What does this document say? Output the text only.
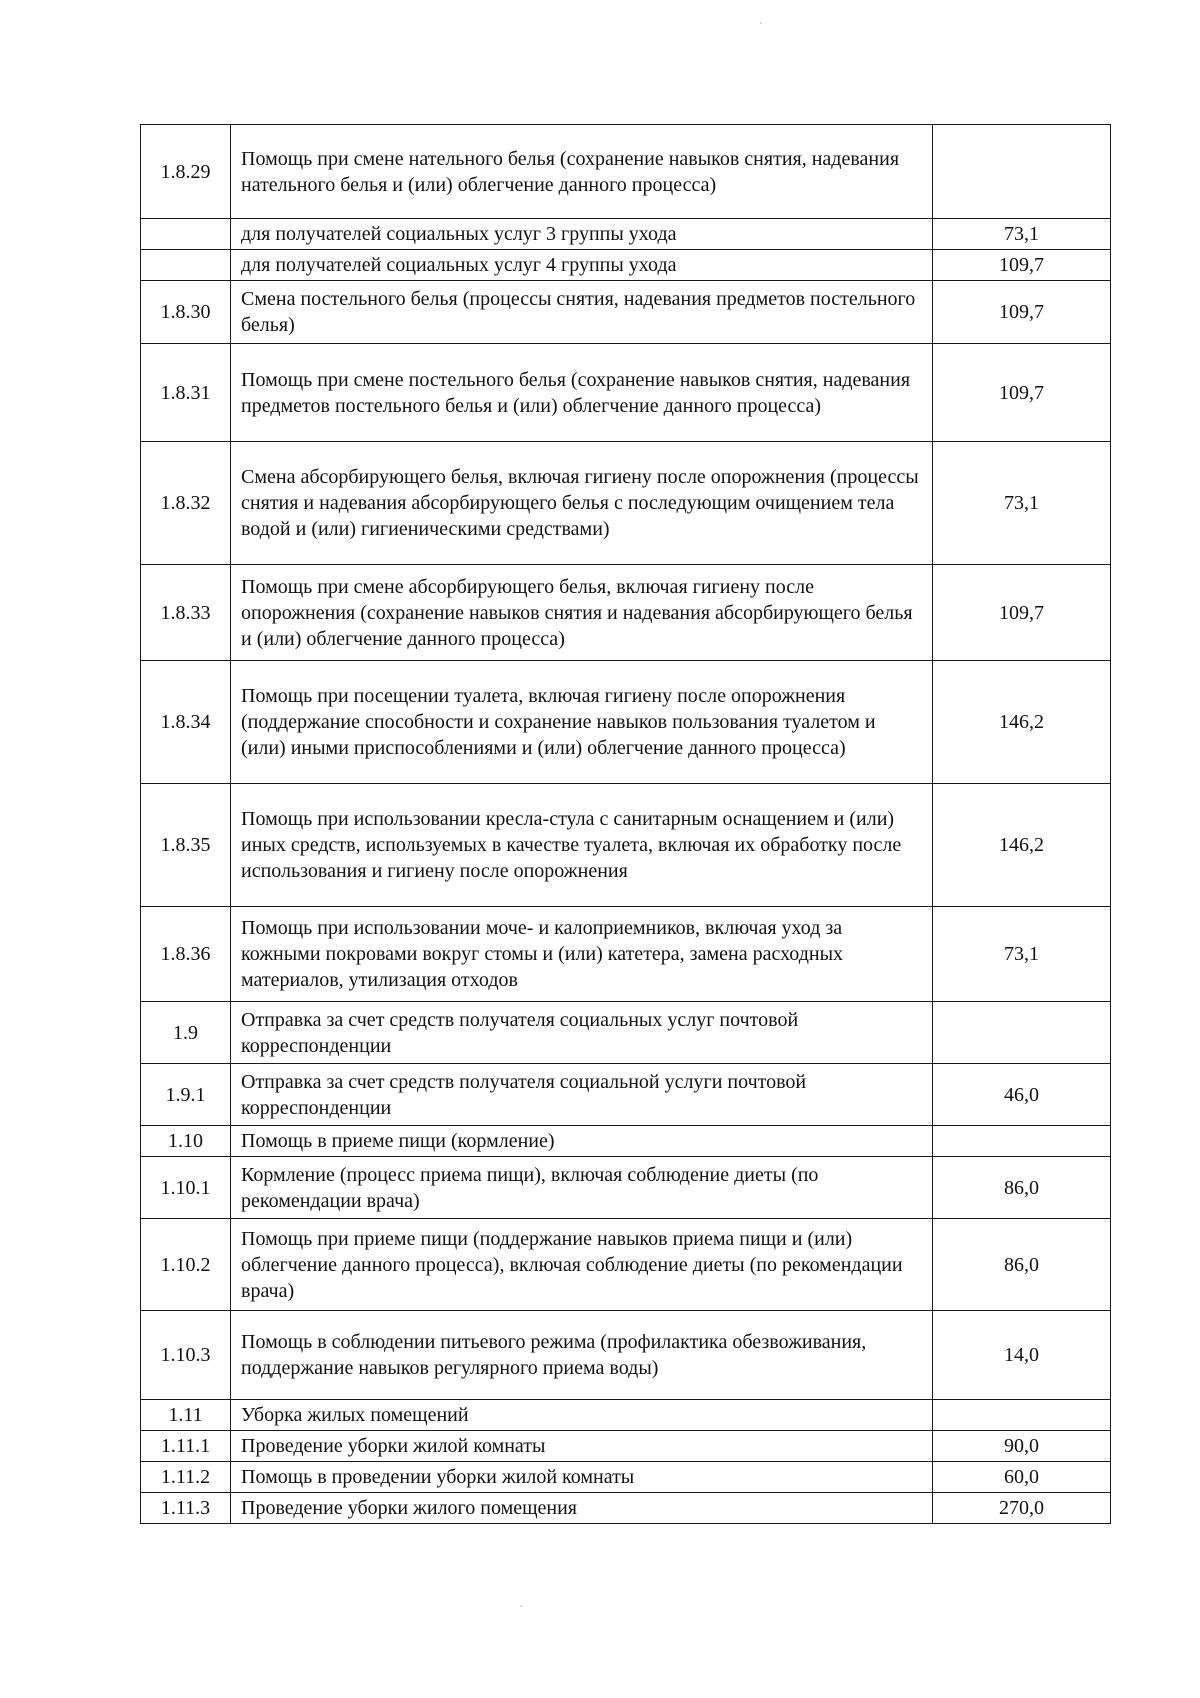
1.8.29	Помощь при смене нательного белья (сохранение навыков снятия, надевания нательного белья и (или) облегчение данного процесса)	
	для получателей социальных услуг 3 группы ухода	73,1
	для получателей социальных услуг 4 группы ухода	109,7
1.8.30	Смена постельного белья (процессы снятия, надевания предметов постельного белья)	109,7
1.8.31	Помощь при смене постельного белья (сохранение навыков снятия, надевания предметов постельного белья и (или) облегчение данного процесса)	109,7
1.8.32	Смена абсорбирующего белья, включая гигиену после опорожнения (процессы снятия и надевания абсорбирующего белья с последующим очищением тела водой и (или) гигиеническими средствами)	73,1
1.8.33	Помощь при смене абсорбирующего белья, включая гигиену после опорожнения (сохранение навыков снятия и надевания абсорбирующего белья и (или) облегчение данного процесса)	109,7
1.8.34	Помощь при посещении туалета, включая гигиену после опорожнения (поддержание способности и сохранение навыков пользования туалетом и (или) иными приспособлениями и (или) облегчение данного процесса)	146,2
1.8.35	Помощь при использовании кресла-стула с санитарным оснащением и (или) иных средств, используемых в качестве туалета, включая их обработку после использования и гигиену после опорожнения	146,2
1.8.36	Помощь при использовании моче- и калоприемников, включая уход за кожными покровами вокруг стомы и (или) катетера, замена расходных материалов, утилизация отходов	73,1
1.9	Отправка за счет средств получателя социальных услуг почтовой корреспонденции	
1.9.1	Отправка за счет средств получателя социальной услуги почтовой корреспонденции	46,0
1.10	Помощь в приеме пищи (кормление)	
1.10.1	Кормление (процесс приема пищи), включая соблюдение диеты (по рекомендации врача)	86,0
1.10.2	Помощь при приеме пищи (поддержание навыков приема пищи и (или) облегчение данного процесса), включая соблюдение диеты (по рекомендации врача)	86,0
1.10.3	Помощь в соблюдении питьевого режима (профилактика обезвоживания, поддержание навыков регулярного приема воды)	14,0
1.11	Уборка жилых помещений	
1.11.1	Проведение уборки жилой комнаты	90,0
1.11.2	Помощь в проведении уборки жилой комнаты	60,0
1.11.3	Проведение уборки жилого помещения	270,0
